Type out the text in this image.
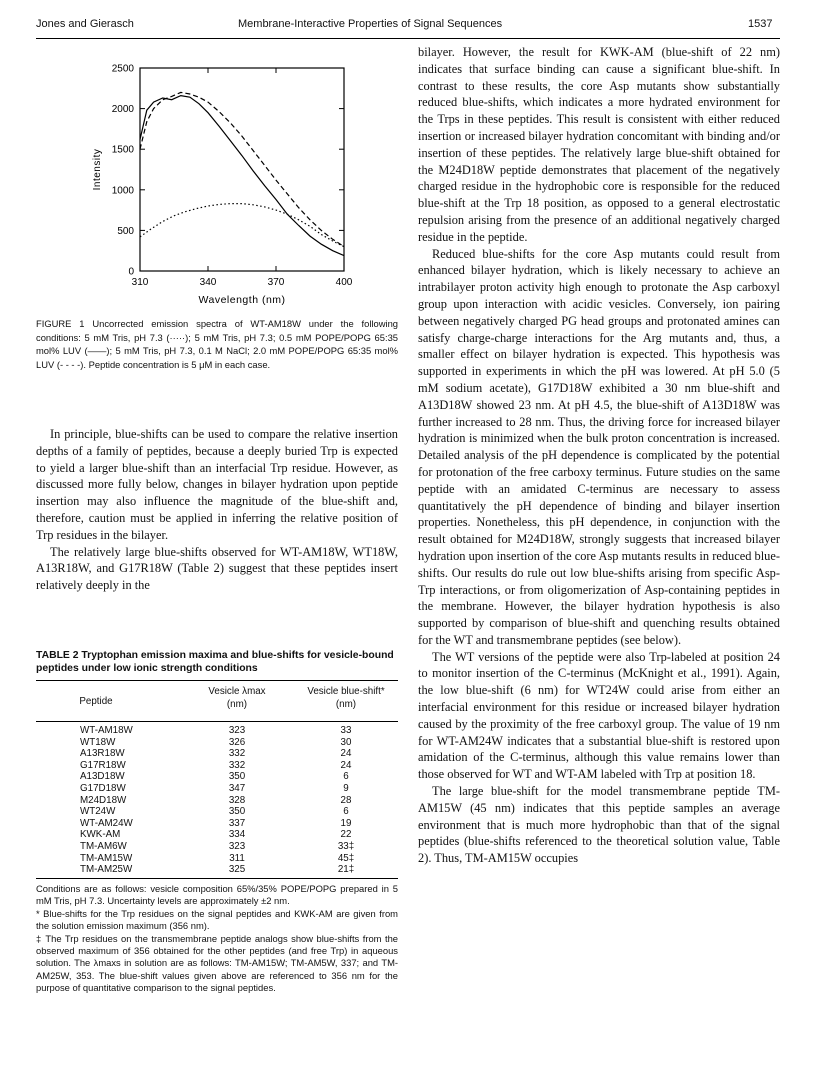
Jones and Gierasch	Membrane-Interactive Properties of Signal Sequences	1537
0
500
1000
1500
2000
2500
310	340	370	400
Wavelength (nm)
Intensity
FIGURE 1 Uncorrected emission spectra of WT-AM18W under the following conditions: 5 mM Tris, pH 7.3 (·····); 5 mM Tris, pH 7.3; 0.5 mM POPE/POPG 65:35 mol% LUV (——); 5 mM Tris, pH 7.3, 0.1 M NaCl; 2.0 mM POPE/POPG 65:35 mol% LUV (- - - -). Peptide concentration is 5 μM in each case.

In principle, blue-shifts can be used to compare the relative insertion depths of a family of peptides, because a deeply buried Trp is expected to yield a larger blue-shift than an interfacial Trp residue. However, as discussed more fully below, changes in bilayer hydration upon peptide insertion may also influence the magnitude of the blue-shift and, therefore, caution must be applied in inferring the relative position of Trp residues in the bilayer.

The relatively large blue-shifts observed for WT-AM18W, WT18W, A13R18W, and G17R18W (Table 2) suggest that these peptides insert relatively deeply in the

TABLE 2 Tryptophan emission maxima and blue-shifts for vesicle-bound peptides under low ionic strength conditions
Peptide
Vesicle λmax
(nm)
Vesicle blue-shift*
(nm)
WT-AM18W	323	33
WT18W	326	30
A13R18W	332	24
G17R18W	332	24
A13D18W	350	6
G17D18W	347	9
M24D18W	328	28
WT24W	350	6
WT-AM24W	337	19
KWK-AM	334	22
TM-AM6W	323	33‡
TM-AM15W	311	45‡
TM-AM25W	325	21‡

Conditions are as follows: vesicle composition 65%/35% POPE/POPG prepared in 5 mM Tris, pH 7.3. Uncertainty levels are approximately ±2 nm.

* Blue-shifts for the Trp residues on the signal peptides and KWK-AM are given from the solution emission maximum (356 nm).

‡ The Trp residues on the transmembrane peptide analogs show blue-shifts from the observed maximum of 356 obtained for the other peptides (and free Trp) in aqueous solution. The λmaxs in solution are as follows: TM-AM15W; TM-AM5W, 337; and TM-AM25W, 353. The blue-shift values given above are referenced to 356 nm for the purpose of quantitative comparison to the signal peptides.

bilayer. However, the result for KWK-AM (blue-shift of 22 nm) indicates that surface binding can cause a significant blue-shift. In contrast to these results, the core Asp mutants show substantially reduced blue-shifts, which indicates a more hydrated environment for the Trps in these peptides. This result is consistent with either reduced insertion or increased bilayer hydration concomitant with binding and/or insertion of these peptides. The relatively large blue-shift obtained for the M24D18W peptide demonstrates that placement of the negatively charged residue in the hydrophobic core is responsible for the reduced blue-shift at the Trp 18 position, as opposed to a general electrostatic repulsion arising from the presence of an additional negatively charged residue in the peptide.

Reduced blue-shifts for the core Asp mutants could result from enhanced bilayer hydration, which is likely necessary to achieve an intrabilayer proton activity high enough to protonate the Asp carboxyl group upon interaction with acidic vesicles. Conversely, ion pairing between negatively charged PG head groups and protonated amines can satisfy charge-charge interactions for the Arg mutants and, thus, a smaller effect on bilayer hydration is expected. This hypothesis was supported in experiments in which the pH was lowered. At pH 5.0 (5 mM sodium acetate), G17D18W exhibited a 30 nm blue-shift and A13D18W showed 23 nm. At pH 4.5, the blue-shift of A13D18W was further increased to 28 nm. Thus, the driving force for increased bilayer hydration is minimized when the bulk proton concentration is increased. Detailed analysis of the pH dependence is complicated by the potential for protonation of the free carboxy terminus. Future studies on the same peptide with an amidated C-terminus are necessary to assess quantitatively the pH dependence of binding and bilayer insertion properties. Nonetheless, this pH dependence, in conjunction with the result obtained for M24D18W, strongly suggests that increased bilayer hydration upon insertion of the core Asp mutants results in reduced blue-shifts. Our results do rule out low blue-shifts arising from specific Asp-Trp interactions, or from oligomerization of Asp-containing peptides in the membrane. However, the bilayer hydration hypothesis is also supported by comparison of blue-shift and quenching results obtained for the WT and transmembrane peptides (see below).

The WT versions of the peptide were also Trp-labeled at position 24 to monitor insertion of the C-terminus (McKnight et al., 1991). Again, the low blue-shift (6 nm) for WT24W could arise from either an interfacial environment for this residue or increased bilayer hydration caused by the proximity of the free carboxyl group. The value of 19 nm for WT-AM24W indicates that a substantial blue-shift is restored upon amidation of the C-terminus, although this value remains lower than those observed for WT and WT-AM labeled with Trp at position 18.

The large blue-shift for the model transmembrane peptide TM-AM15W (45 nm) indicates that this peptide samples an average environment that is much more hydrophobic than that of the signal peptides (blue-shifts referenced to the theoretical solution value, Table 2). Thus, TM-AM15W occupies
